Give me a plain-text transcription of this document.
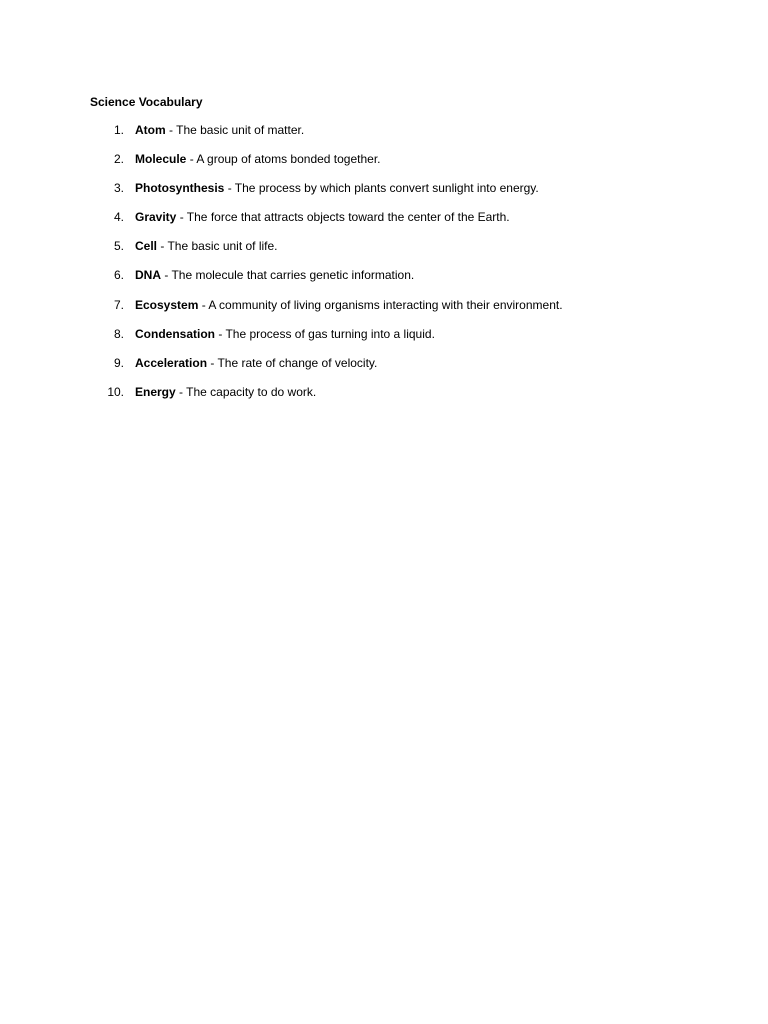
Science Vocabulary
1. Atom - The basic unit of matter.
2. Molecule - A group of atoms bonded together.
3. Photosynthesis - The process by which plants convert sunlight into energy.
4. Gravity - The force that attracts objects toward the center of the Earth.
5. Cell - The basic unit of life.
6. DNA - The molecule that carries genetic information.
7. Ecosystem - A community of living organisms interacting with their environment.
8. Condensation - The process of gas turning into a liquid.
9. Acceleration - The rate of change of velocity.
10. Energy - The capacity to do work.
